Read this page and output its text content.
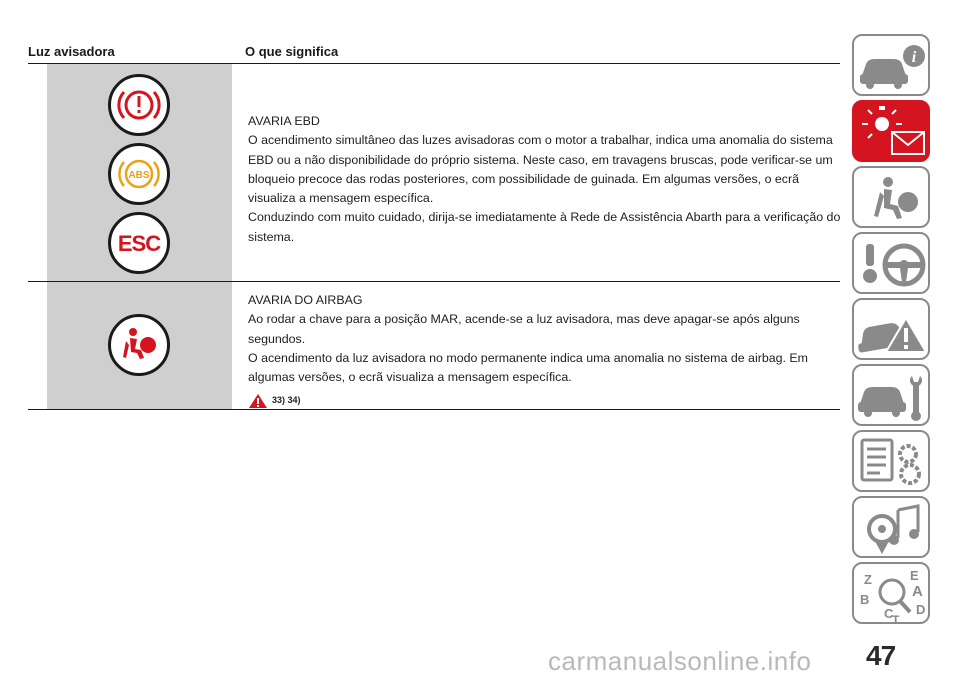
Luz avisadora	O que significa
ABS
ESC

AVARIA EBD

O acendimento simultâneo das luzes avisadoras com o motor a trabalhar, indica uma anomalia do sistema EBD ou a não disponibilidade do próprio sistema. Neste caso, em travagens bruscas, pode verificar-se um bloqueio precoce das rodas posteriores, com possibilidade de guinada. Em algumas versões, o ecrã visualiza a mensagem específica.

Conduzindo com muito cuidado, dirija-se imediatamente à Rede de Assistência Abarth para a verificação do sistema.

AVARIA DO AIRBAG

Ao rodar a chave para a posição MAR, acende-se a luz avisadora, mas deve apagar-se após alguns segundos.

O acendimento da luz avisadora no modo permanente indica uma anomalia no sistema de airbag. Em algumas versões, o ecrã visualiza a mensagem específica.

33) 34)
i
Z	E
A
B
C
T
D
carmanualsonline.info 47
